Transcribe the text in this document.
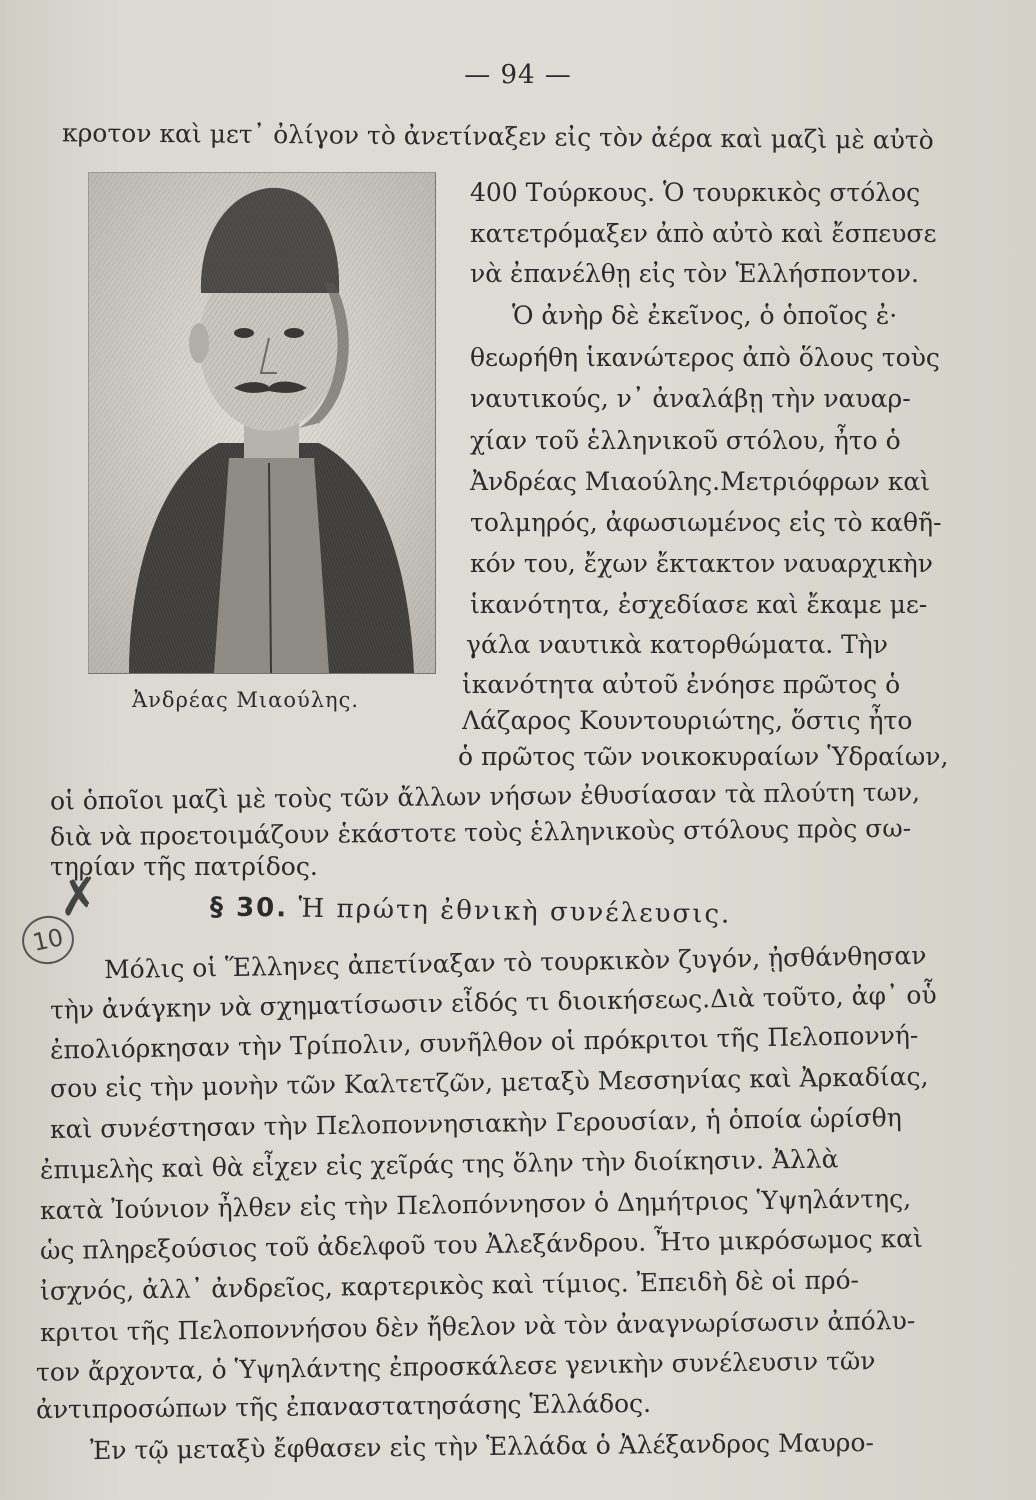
— 94 —
κροτον καὶ μετ᾽ ὀλίγον τὸ ἀνετίναξεν εἰς τὸν ἀέρα καὶ μαζὶ μὲ αὐτὸ
400 Τούρκους. Ὁ τουρκικὸς στόλος
κατετρόμαξεν ἀπὸ αὐτὸ καὶ ἔσπευσε
νὰ ἐπανέλθῃ εἰς τὸν Ἑλλήσποντον.
Ὁ ἀνὴρ δὲ ἐκεῖνος, ὁ ὁποῖος ἐ·
θεωρήθη ἱκανώτερος ἀπὸ ὅλους τοὺς
ναυτικούς, ν᾽ ἀναλάβῃ τὴν ναυαρ-
χίαν τοῦ ἑλληνικοῦ στόλου, ἦτο ὁ
Ἀνδρέας Μιαούλης.Μετριόφρων καὶ
τολμηρός, ἀφωσιωμένος εἰς τὸ καθῆ-
κόν του, ἔχων ἔκτακτον ναυαρχικὴν
ἱκανότητα, ἐσχεδίασε καὶ ἔκαμε με-
γάλα ναυτικὰ κατορθώματα. Τὴν
ἱκανότητα αὐτοῦ ἐνόησε πρῶτος ὁ
Λάζαρος Κουντουριώτης, ὅστις ἦτο
ὁ πρῶτος τῶν νοικοκυραίων Ὑδραίων,
οἱ ὁποῖοι μαζὶ μὲ τοὺς τῶν ἄλλων νήσων ἐθυσίασαν τὰ πλούτη των,
διὰ νὰ προετοιμάζουν ἑκάστοτε τοὺς ἑλληνικοὺς στόλους πρὸς σω-
τηρίαν τῆς πατρίδος.
Ἀνδρέας Μιαούλης.
✗
10
§ 30. Ἡ πρώτη ἐθνικὴ συνέλευσις.
Μόλις οἱ Ἕλληνες ἀπετίναξαν τὸ τουρκικὸν ζυγόν, ᾐσθάνθησαν
τὴν ἀνάγκην νὰ σχηματίσωσιν εἶδός τι διοικήσεως.Διὰ τοῦτο, ἀφ᾽ οὗ
ἐπολιόρκησαν τὴν Τρίπολιν, συνῆλθον οἱ πρόκριτοι τῆς Πελοποννή-
σου εἰς τὴν μονὴν τῶν Καλτετζῶν, μεταξὺ Μεσσηνίας καὶ Ἀρκαδίας,
καὶ συνέστησαν τὴν Πελοποννησιακὴν Γερουσίαν, ἡ ὁποία ὡρίσθη
ἐπιμελὴς καὶ θὰ εἶχεν εἰς χεῖράς της ὅλην τὴν διοίκησιν. Ἀλλὰ
κατὰ Ἰούνιον ἦλθεν εἰς τὴν Πελοπόννησον ὁ Δημήτριος Ὑψηλάντης,
ὡς πληρεξούσιος τοῦ ἀδελφοῦ του Ἀλεξάνδρου. Ἦτο μικρόσωμος καὶ
ἰσχνός, ἀλλ᾽ ἀνδρεῖος, καρτερικὸς καὶ τίμιος. Ἐπειδὴ δὲ οἱ πρό-
κριτοι τῆς Πελοποννήσου δὲν ἤθελον νὰ τὸν ἀναγνωρίσωσιν ἀπόλυ-
τον ἄρχοντα, ὁ Ὑψηλάντης ἐπροσκάλεσε γενικὴν συνέλευσιν τῶν
ἀντιπροσώπων τῆς ἐπαναστατησάσης Ἑλλάδος.
Ἐν τῷ μεταξὺ ἔφθασεν εἰς τὴν Ἑλλάδα ὁ Ἀλέξανδρος Μαυρο-
